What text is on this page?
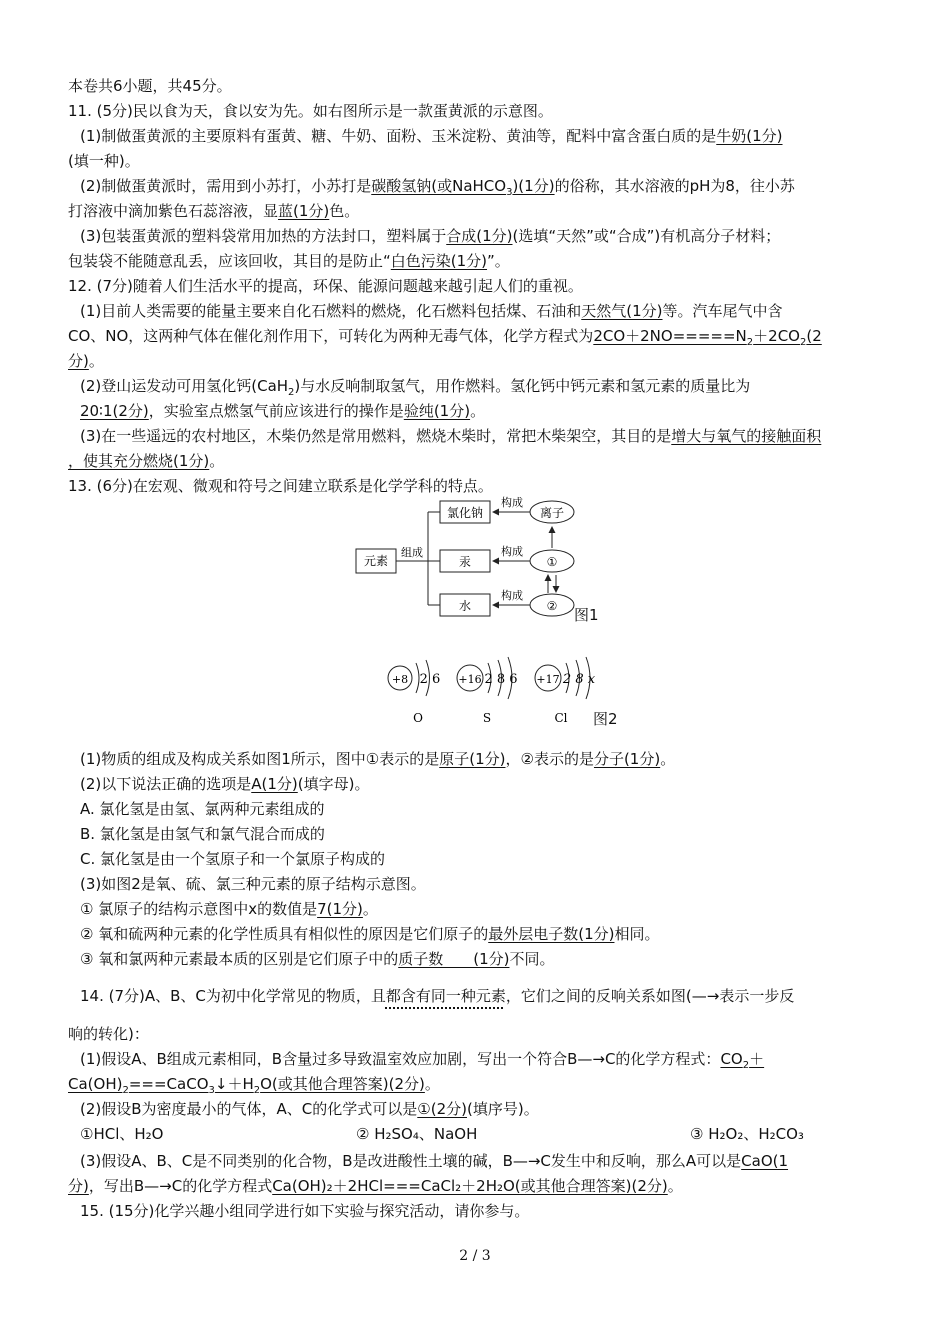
本卷共6小题，共45分。
11. (5分)民以食为天，食以安为先。如右图所示是一款蛋黄派的示意图。
(1)制做蛋黄派的主要原料有蛋黄、糖、牛奶、面粉、玉米淀粉、黄油等，配料中富含蛋白质的是牛奶(1分)
(填一种)。
(2)制做蛋黄派时，需用到小苏打，小苏打是碳酸氢钠(或NaHCO$_3$)(1分)的俗称，其水溶液的pH为8，往小苏
打溶液中滴加紫色石蕊溶液，显蓝(1分)色。
(3)包装蛋黄派的塑料袋常用加热的方法封口，塑料属于合成(1分)(选填“天然”或“合成”)有机高分子材料；
包装袋不能随意乱丢，应该回收，其目的是防止“白色污染(1分)”。
12. (7分)随着人们生活水平的提高，环保、能源问题越来越引起人们的重视。
(1)目前人类需要的能量主要来自化石燃料的燃烧，化石燃料包括煤、石油和天然气(1分)等。汽车尾气中含
CO、NO，这两种气体在催化剂作用下，可转化为两种无毒气体，化学方程式为$2CO+2NO=====N_2+2CO_2(2$
分)。
(2)登山运发动可用氢化钙(CaH$_2$)与水反响制取氢气，用作燃料。氢化钙中钙元素和氢元素的质量比为
20∶1(2分)，实验室点燃氢气前应该进行的操作是验纯(1分)。
(3)在一些遥远的农村地区，木柴仍然是常用燃料，燃烧木柴时，常把木柴架空，其目的是增大与氧气的接触面积
，使其充分燃烧(1分)。
13. (6分)在宏观、微观和符号之间建立联系是化学学科的特点。
元素
组成
氯化钠
汞
水
构成
构成
构成
离子
①
② 图1
+8 2 6
O
+16 2 8 6
S
+17 2 8 x
Cl 图2
(1)物质的组成及构成关系如图1所示，图中①表示的是原子(1分)，②表示的是分子(1分)。
(2)以下说法正确的选项是A(1分)(填字母)。
A. 氯化氢是由氢、氯两种元素组成的
B. 氯化氢是由氢气和氯气混合而成的
C. 氯化氢是由一个氢原子和一个氯原子构成的
(3)如图2是氧、硫、氯三种元素的原子结构示意图。
① 氯原子的结构示意图中x的数值是7(1分)。
② 氧和硫两种元素的化学性质具有相似性的原因是它们原子的最外层电子数(1分)相同。
③ 氧和氯两种元素最本质的区别是它们原子中的质子数　　(1分)不同。
14. (7分)A、B、C为初中化学常见的物质，且都含有同一种元素，它们之间的反响关系如图(—→表示一步反
响的转化)：
(1)假设A、B组成元素相同，B含量过多导致温室效应加剧，写出一个符合B—→C的化学方程式：$CO_2+$
$Ca(OH)_2===CaCO_3↓+H_2O$(或其他合理答案)(2分)。
(2)假设B为密度最小的气体，A、C的化学式可以是①(2分)(填序号)。
①HCl、H₂O	② H₂SO₄、NaOH	③ H₂O₂、H₂CO₃
(3)假设A、B、C是不同类别的化合物，B是改进酸性土壤的碱，B—→C发生中和反响，那么A可以是CaO(1
分)，写出B—→C的化学方程式Ca(OH)₂＋2HCl===CaCl₂＋2H₂O(或其他合理答案)(2分)。
15. (15分)化学兴趣小组同学进行如下实验与探究活动，请你参与。
2 / 3
